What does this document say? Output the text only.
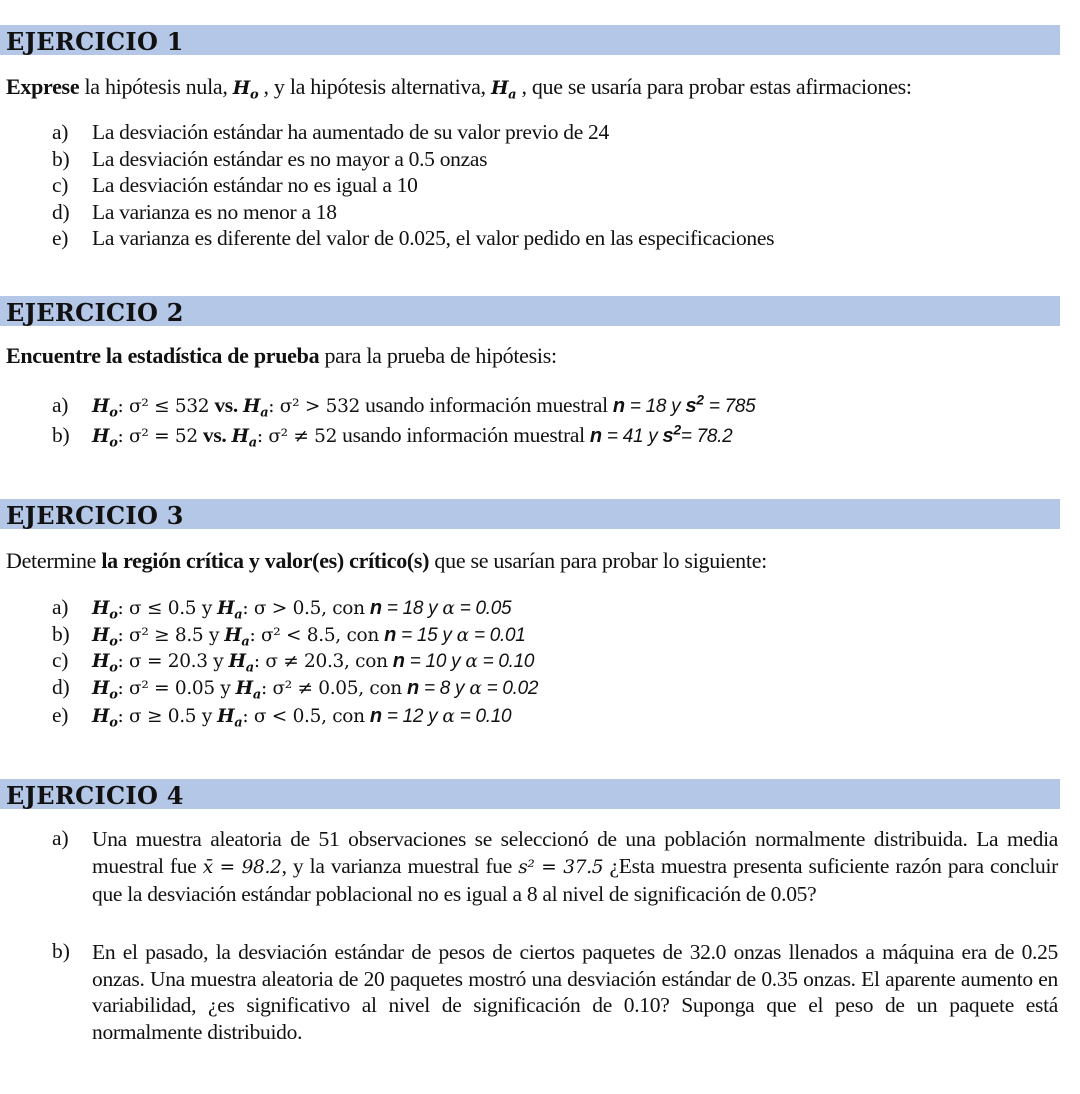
EJERCICIO 1
Exprese la hipótesis nula, $H_o$ , y la hipótesis alternativa, $H_a$ , que se usaría para probar estas afirmaciones:
a) La desviación estándar ha aumentado de su valor previo de 24
b) La desviación estándar es no mayor a 0.5 onzas
c) La desviación estándar no es igual a 10
d) La varianza es no menor a 18
e) La varianza es diferente del valor de 0.025, el valor pedido en las especificaciones
EJERCICIO 2
Encuentre la estadística de prueba para la prueba de hipótesis:
a) $H_o$: σ² ≤ 532 vs. $H_a$: σ² > 532 usando información muestral n = 18 y $s^2 = 785$
b) $H_o$: σ² = 52 vs. $H_a$: σ² ≠ 52 usando información muestral n = 41 y $s^2= 78.2$
EJERCICIO 3
Determine la región crítica y valor(es) crítico(s) que se usarían para probar lo siguiente:
a) $H_o$: σ ≤ 0.5 y $H_a$: σ > 0.5, con n = 18 y α = 0.05
b) $H_o$: σ² ≥ 8.5 y $H_a$: σ² < 8.5, con n = 15 y α = 0.01
c) $H_o$: σ = 20.3 y $H_a$: σ ≠ 20.3, con n = 10 y α = 0.10
d) $H_o$: σ² = 0.05 y $H_a$: σ² ≠ 0.05, con n = 8 y α = 0.02
e) $H_o$: σ ≥ 0.5 y $H_a$: σ < 0.5, con n = 12 y α = 0.10
EJERCICIO 4
a) Una muestra aleatoria de 51 observaciones se seleccionó de una población normalmente distribuida. La media muestral fue x̄ = 98.2, y la varianza muestral fue s² = 37.5 ¿Esta muestra presenta suficiente razón para concluir que la desviación estándar poblacional no es igual a 8 al nivel de significación de 0.05?
b) En el pasado, la desviación estándar de pesos de ciertos paquetes de 32.0 onzas llenados a máquina era de 0.25 onzas. Una muestra aleatoria de 20 paquetes mostró una desviación estándar de 0.35 onzas. El aparente aumento en variabilidad, ¿es significativo al nivel de significación de 0.10? Suponga que el peso de un paquete está normalmente distribuido.
